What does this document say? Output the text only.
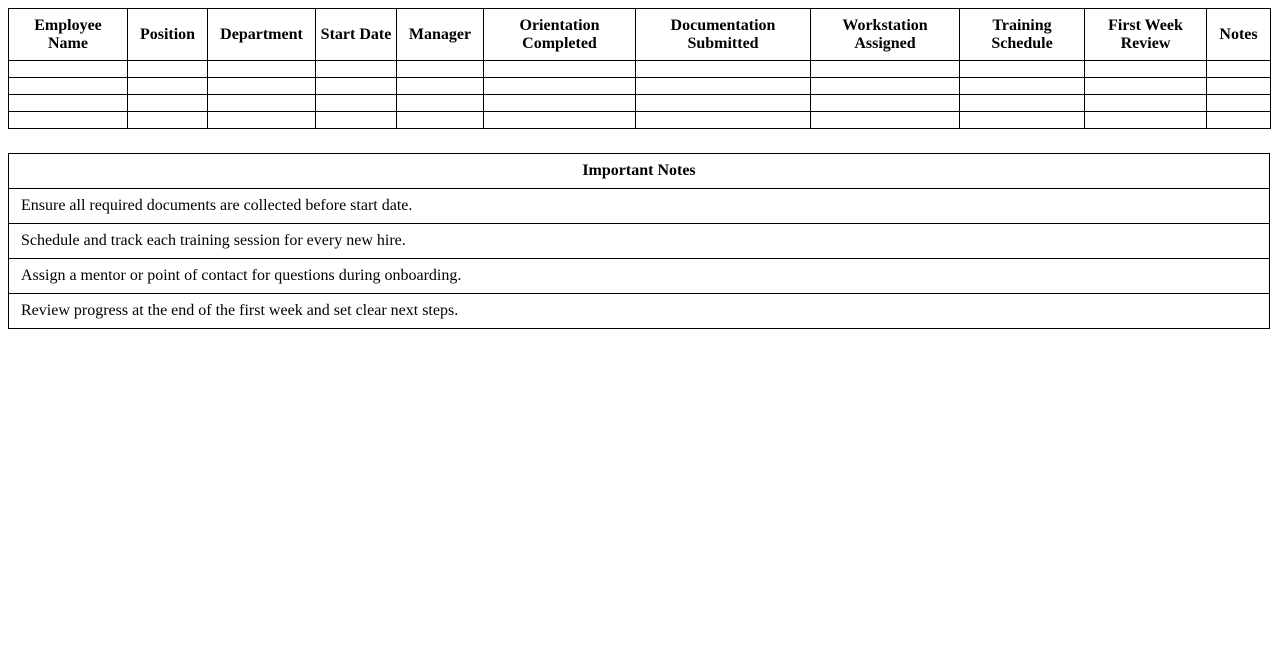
Employee Name	Position	Department	Start Date	Manager	Orientation Completed	Documentation Submitted	Workstation Assigned	Training Schedule	First Week Review	Notes

Important Notes
Ensure all required documents are collected before start date.
Schedule and track each training session for every new hire.
Assign a mentor or point of contact for questions during onboarding.
Review progress at the end of the first week and set clear next steps.
